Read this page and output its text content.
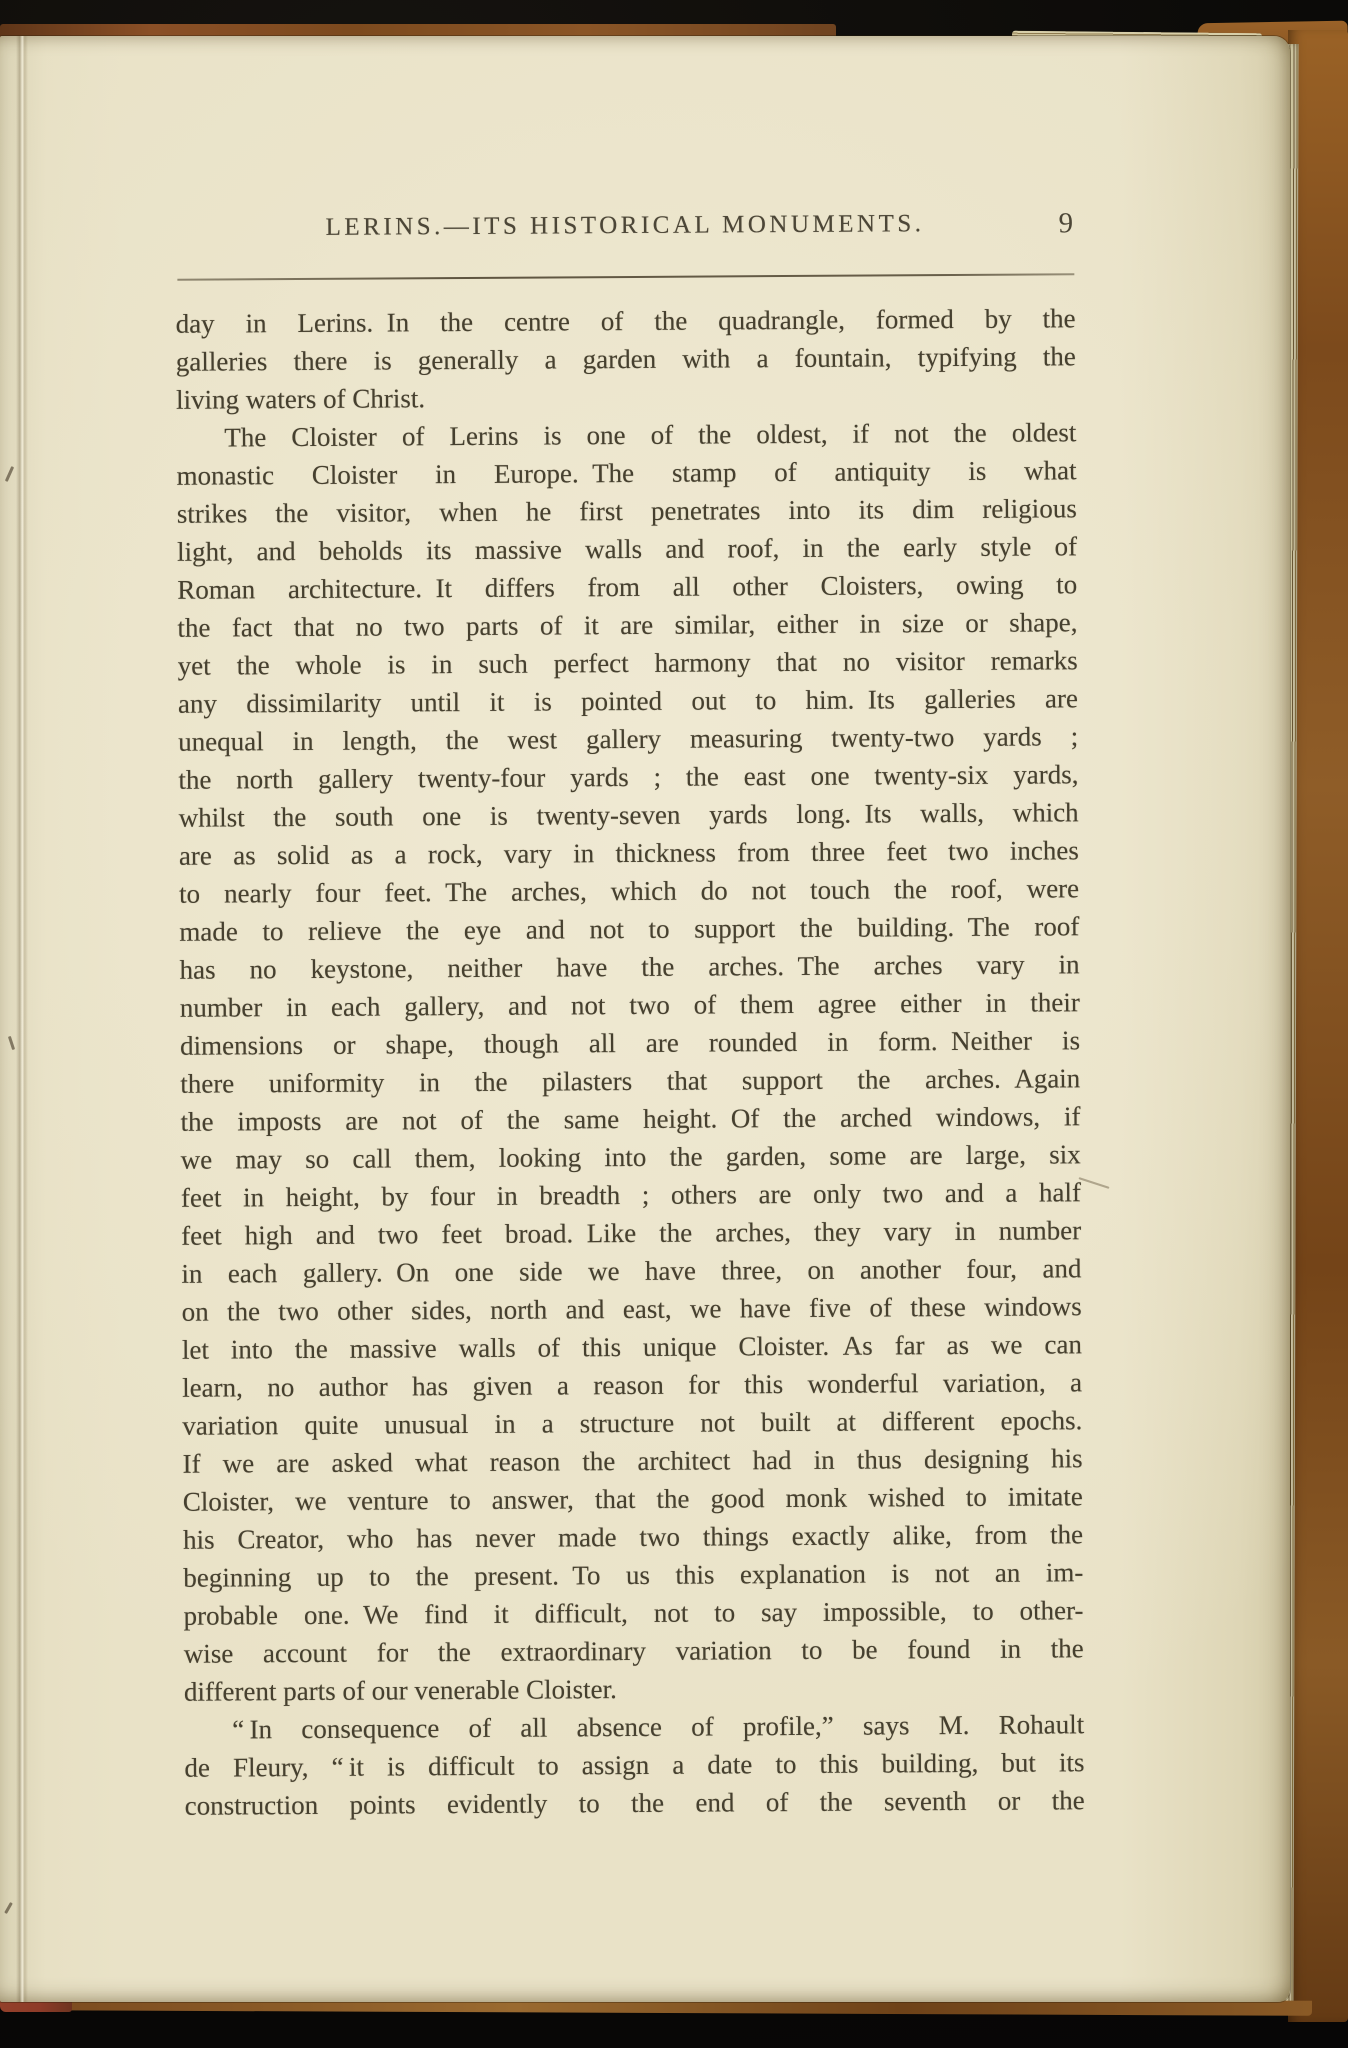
LERINS.—ITS HISTORICAL MONUMENTS.	9
day in Lerins. In the centre of the quadrangle, formed by the
galleries there is generally a garden with a fountain, typifying the
living waters of Christ.
The Cloister of Lerins is one of the oldest, if not the oldest
monastic Cloister in Europe. The stamp of antiquity is what
strikes the visitor, when he first penetrates into its dim religious
light, and beholds its massive walls and roof, in the early style of
Roman architecture. It differs from all other Cloisters, owing to
the fact that no two parts of it are similar, either in size or shape,
yet the whole is in such perfect harmony that no visitor remarks
any dissimilarity until it is pointed out to him. Its galleries are
unequal in length, the west gallery measuring twenty-two yards ;
the north gallery twenty-four yards ; the east one twenty-six yards,
whilst the south one is twenty-seven yards long. Its walls, which
are as solid as a rock, vary in thickness from three feet two inches
to nearly four feet. The arches, which do not touch the roof, were
made to relieve the eye and not to support the building. The roof
has no keystone, neither have the arches. The arches vary in
number in each gallery, and not two of them agree either in their
dimensions or shape, though all are rounded in form. Neither is
there uniformity in the pilasters that support the arches. Again
the imposts are not of the same height. Of the arched windows, if
we may so call them, looking into the garden, some are large, six
feet in height, by four in breadth ; others are only two and a half
feet high and two feet broad. Like the arches, they vary in number
in each gallery. On one side we have three, on another four, and
on the two other sides, north and east, we have five of these windows
let into the massive walls of this unique Cloister. As far as we can
learn, no author has given a reason for this wonderful variation, a
variation quite unusual in a structure not built at different epochs.
If we are asked what reason the architect had in thus designing his
Cloister, we venture to answer, that the good monk wished to imitate
his Creator, who has never made two things exactly alike, from the
beginning up to the present. To us this explanation is not an im-
probable one. We find it difficult, not to say impossible, to other-
wise account for the extraordinary variation to be found in the
different parts of our venerable Cloister.
“ In consequence of all absence of profile,” says M. Rohault
de Fleury, “ it is difficult to assign a date to this building, but its
construction points evidently to the end of the seventh or the
